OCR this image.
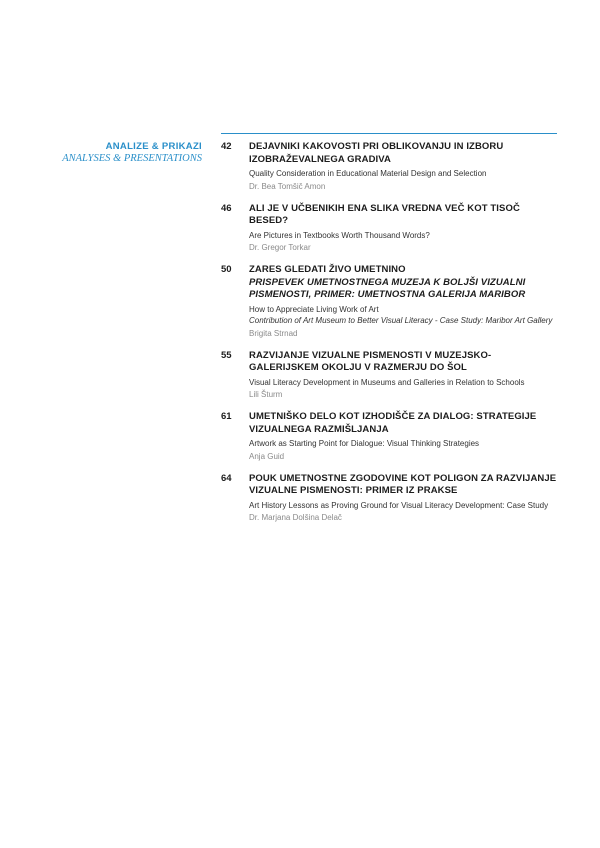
ANALIZE & PRIKAZI
ANALYSES & PRESENTATIONS
42 DEJAVNIKI KAKOVOSTI PRI OBLIKOVANJU IN IZBORU IZOBRAŽEVALNEGA GRADIVA
Quality Consideration in Educational Material Design and Selection
Dr. Bea Tomšič Amon
46 ALI JE V UČBENIKIH ENA SLIKA VREDNA VEČ KOT TISOČ BESED?
Are Pictures in Textbooks Worth Thousand Words?
Dr. Gregor Torkar
50 ZARES GLEDATI ŽIVO UMETNINO
PRISPEVEK UMETNOSTNEGA MUZEJA K BOLJŠI VIZUALNI PISMENOSTI, PRIMER: UMETNOSTNA GALERIJA MARIBOR
How to Appreciate Living Work of Art
Contribution of Art Museum to Better Visual Literacy - Case Study: Maribor Art Gallery
Brigita Strnad
55 RAZVIJANJE VIZUALNE PISMENOSTI V MUZEJSKO-GALERIJSKEM OKOLJU V RAZMERJU DO ŠOL
Visual Literacy Development in Museums and Galleries in Relation to Schools
Lili Šturm
61 UMETNIŠKO DELO KOT IZHODIŠČE ZA DIALOG: STRATEGIJE VIZUALNEGA RAZMIŠLJANJA
Artwork as Starting Point for Dialogue: Visual Thinking Strategies
Anja Guid
64 POUK UMETNOSTNE ZGODOVINE KOT POLIGON ZA RAZVIJANJE VIZUALNE PISMENOSTI: PRIMER IZ PRAKSE
Art History Lessons as Proving Ground for Visual Literacy Development: Case Study
Dr. Marjana Dolšina Delač
